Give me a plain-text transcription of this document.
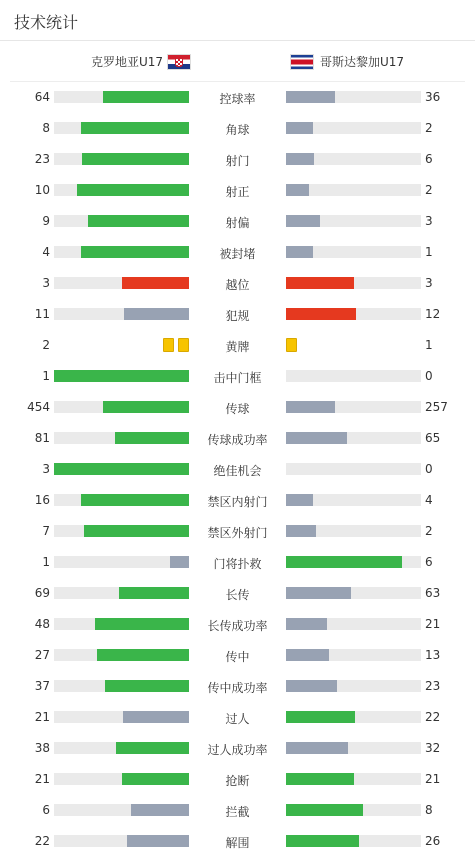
技术统计
克罗地亚U17	哥斯达黎加U17
64	控球率	36
8	角球	2
23	射门	6
10	射正	2
9	射偏	3
4	被封堵	1
3	越位	3
11	犯规	12
2	黄牌	1
1	击中门框	0
454	传球	257
81	传球成功率	65
3	绝佳机会	0
16	禁区内射门	4
7	禁区外射门	2
1	门将扑救	6
69	长传	63
48	长传成功率	21
27	传中	13
37	传中成功率	23
21	过人	22
38	过人成功率	32
21	抢断	21
6	拦截	8
22	解围	26
